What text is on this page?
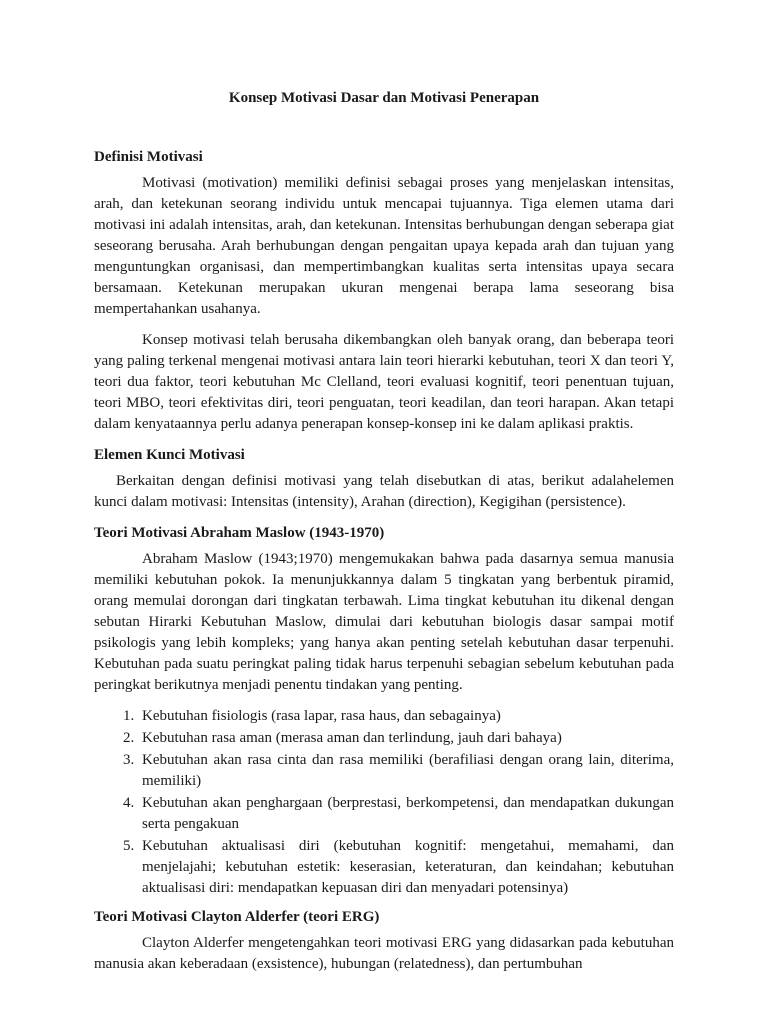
Konsep Motivasi Dasar dan Motivasi Penerapan
Definisi Motivasi

Motivasi (motivation) memiliki definisi sebagai proses yang menjelaskan intensitas, arah, dan ketekunan seorang individu untuk mencapai tujuannya. Tiga elemen utama dari motivasi ini adalah intensitas, arah, dan ketekunan. Intensitas berhubungan dengan seberapa giat seseorang berusaha. Arah berhubungan dengan pengaitan upaya kepada arah dan tujuan yang menguntungkan organisasi, dan mempertimbangkan kualitas serta intensitas upaya secara bersamaan. Ketekunan merupakan ukuran mengenai berapa lama seseorang bisa mempertahankan usahanya.

Konsep motivasi telah berusaha dikembangkan oleh banyak orang, dan beberapa teori yang paling terkenal mengenai motivasi antara lain teori hierarki kebutuhan, teori X dan teori Y, teori dua faktor, teori kebutuhan Mc Clelland, teori evaluasi kognitif, teori penentuan tujuan, teori MBO, teori efektivitas diri, teori penguatan, teori keadilan, dan teori harapan. Akan tetapi dalam kenyataannya perlu adanya penerapan konsep-konsep ini ke dalam aplikasi praktis.

Elemen Kunci Motivasi

Berkaitan dengan definisi motivasi yang telah disebutkan di atas, berikut adalahelemen kunci dalam motivasi: Intensitas (intensity), Arahan (direction), Kegigihan (persistence).

Teori Motivasi Abraham Maslow (1943-1970)

Abraham Maslow (1943;1970) mengemukakan bahwa pada dasarnya semua manusia memiliki kebutuhan pokok. Ia menunjukkannya dalam 5 tingkatan yang berbentuk piramid, orang memulai dorongan dari tingkatan terbawah. Lima tingkat kebutuhan itu dikenal dengan sebutan Hirarki Kebutuhan Maslow, dimulai dari kebutuhan biologis dasar sampai motif psikologis yang lebih kompleks; yang hanya akan penting setelah kebutuhan dasar terpenuhi. Kebutuhan pada suatu peringkat paling tidak harus terpenuhi sebagian sebelum kebutuhan pada peringkat berikutnya menjadi penentu tindakan yang penting.

1. Kebutuhan fisiologis (rasa lapar, rasa haus, dan sebagainya)
2. Kebutuhan rasa aman (merasa aman dan terlindung, jauh dari bahaya)
3. Kebutuhan akan rasa cinta dan rasa memiliki (berafiliasi dengan orang lain, diterima, memiliki)
4. Kebutuhan akan penghargaan (berprestasi, berkompetensi, dan mendapatkan dukungan serta pengakuan
5. Kebutuhan aktualisasi diri (kebutuhan kognitif: mengetahui, memahami, dan menjelajahi; kebutuhan estetik: keserasian, keteraturan, dan keindahan; kebutuhan aktualisasi diri: mendapatkan kepuasan diri dan menyadari potensinya)
Teori Motivasi Clayton Alderfer (teori ERG)

Clayton Alderfer mengetengahkan teori motivasi ERG yang didasarkan pada kebutuhan manusia akan keberadaan (exsistence), hubungan (relatedness), dan pertumbuhan
